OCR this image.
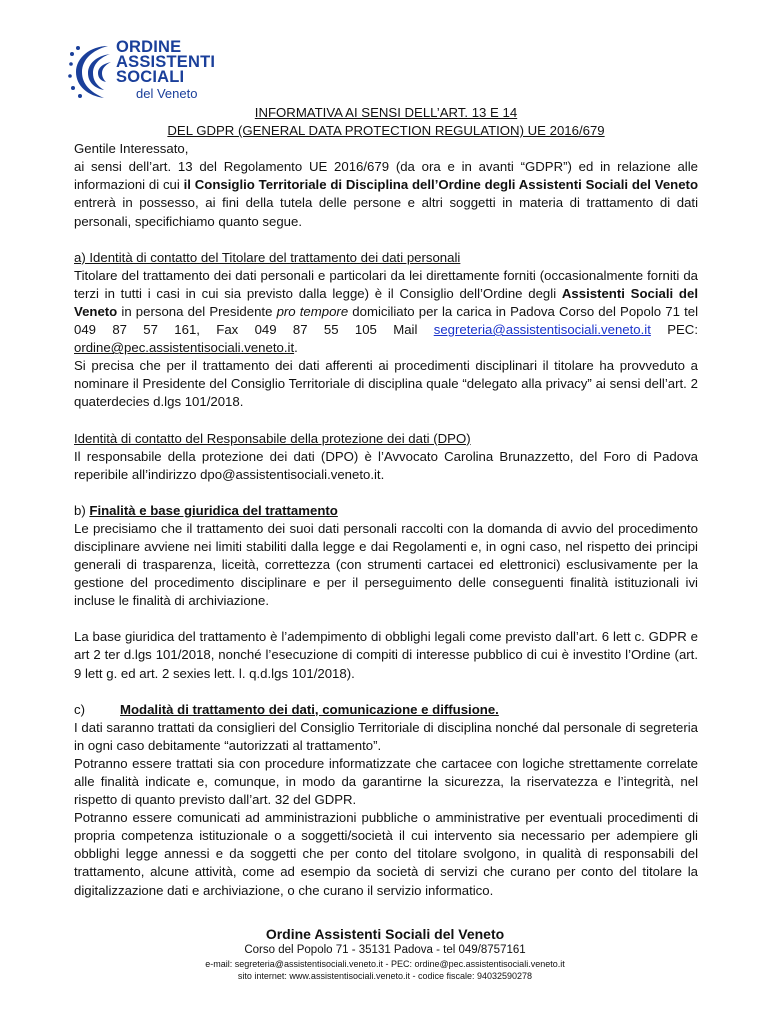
ORDINE
ASSISTENTI
SOCIALI
del Veneto
INFORMATIVA AI SENSI DELL’ART. 13 E 14
DEL GDPR (GENERAL DATA PROTECTION REGULATION) UE 2016/679
Gentile Interessato,

ai sensi dell’art. 13 del Regolamento UE 2016/679 (da ora e in avanti “GDPR”) ed in relazione alle informazioni di cui il Consiglio Territoriale di Disciplina dell’Ordine degli Assistenti Sociali del Veneto entrerà in possesso, ai fini della tutela delle persone e altri soggetti in materia di trattamento di dati personali, specifichiamo quanto segue.

a) Identità di contatto del Titolare del trattamento dei dati personali

Titolare del trattamento dei dati personali e particolari da lei direttamente forniti (occasionalmente forniti da terzi in tutti i casi in cui sia previsto dalla legge) è il Consiglio dell’Ordine degli Assistenti Sociali del Veneto in persona del Presidente pro tempore domiciliato per la carica in Padova Corso del Popolo 71 tel 049 87 57 161, Fax 049 87 55 105 Mail segreteria@assistentisociali.veneto.it PEC: ordine@pec.assistentisociali.veneto.it.

Si precisa che per il trattamento dei dati afferenti ai procedimenti disciplinari il titolare ha provveduto a nominare il Presidente del Consiglio Territoriale di disciplina quale “delegato alla privacy” ai sensi dell’art. 2 quaterdecies d.lgs 101/2018.

Identità di contatto del Responsabile della protezione dei dati (DPO)

Il responsabile della protezione dei dati (DPO) è l’Avvocato Carolina Brunazzetto, del Foro di Padova reperibile all’indirizzo dpo@assistentisociali.veneto.it.

b) Finalità e base giuridica del trattamento

Le precisiamo che il trattamento dei suoi dati personali raccolti con la domanda di avvio del procedimento disciplinare avviene nei limiti stabiliti dalla legge e dai Regolamenti e, in ogni caso, nel rispetto dei principi generali di trasparenza, liceità, correttezza (con strumenti cartacei ed elettronici) esclusivamente per la gestione del procedimento disciplinare e per il perseguimento delle conseguenti finalità istituzionali ivi incluse le finalità di archiviazione.

La base giuridica del trattamento è l’adempimento di obblighi legali come previsto dall’art. 6 lett c. GDPR e art 2 ter d.lgs 101/2018, nonché l’esecuzione di compiti di interesse pubblico di cui è investito l’Ordine (art. 9 lett g. ed art. 2 sexies lett. l. q.d.lgs 101/2018).

c)	Modalità di trattamento dei dati, comunicazione e diffusione.

I dati saranno trattati da consiglieri del Consiglio Territoriale di disciplina nonché dal personale di segreteria in ogni caso debitamente “autorizzati al trattamento”.

Potranno essere trattati sia con procedure informatizzate che cartacee con logiche strettamente correlate alle finalità indicate e, comunque, in modo da garantirne la sicurezza, la riservatezza e l’integrità, nel rispetto di quanto previsto dall’art. 32 del GDPR.

Potranno essere comunicati ad amministrazioni pubbliche o amministrative per eventuali procedimenti di propria competenza istituzionale o a soggetti/società il cui intervento sia necessario per adempiere gli obblighi legge annessi e da soggetti che per conto del titolare svolgono, in qualità di responsabili del trattamento, alcune attività, come ad esempio da società di servizi che curano per conto del titolare la digitalizzazione dati e archiviazione, o che curano il servizio informatico.

Ordine Assistenti Sociali del Veneto
Corso del Popolo 71 - 35131 Padova - tel 049/8757161
e-mail: segreteria@assistentisociali.veneto.it - PEC: ordine@pec.assistentisociali.veneto.it
sito internet: www.assistentisociali.veneto.it - codice fiscale: 94032590278
